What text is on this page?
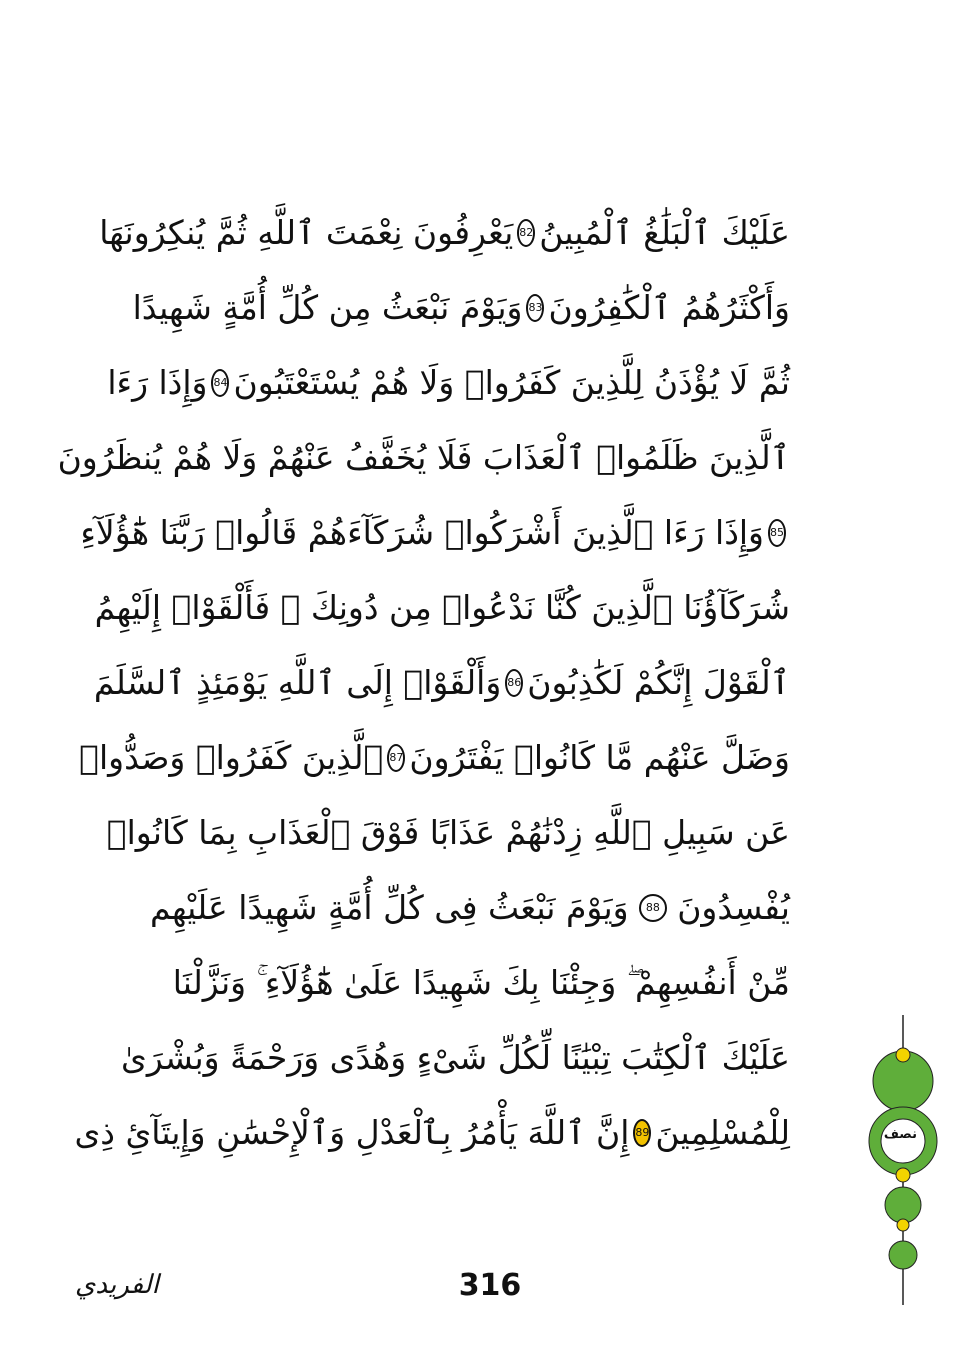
عَلَيْكَ ٱلْبَلَٰغُ ٱلْمُبِينُ
82
يَعْرِفُونَ نِعْمَتَ ٱللَّهِ ثُمَّ يُنكِرُونَهَا
وَأَكْثَرُهُمُ ٱلْكَٰفِرُونَ
83
وَيَوْمَ نَبْعَثُ مِن كُلِّ أُمَّةٍ شَهِيدًا
ثُمَّ لَا يُؤْذَنُ لِلَّذِينَ كَفَرُوا۟ وَلَا هُمْ يُسْتَعْتَبُونَ
84
وَإِذَا رَءَا
ٱلَّذِينَ ظَلَمُوا۟ ٱلْعَذَابَ فَلَا يُخَفَّفُ عَنْهُمْ وَلَا هُمْ يُنظَرُونَ
85
وَإِذَا رَءَا ٱلَّذِينَ أَشْرَكُوا۟ شُرَكَآءَهُمْ قَالُوا۟ رَبَّنَا هَٰٓؤُلَآءِ
شُرَكَآؤُنَا ٱلَّذِينَ كُنَّا نَدْعُوا۟ مِن دُونِكَ ۖ فَأَلْقَوْا۟ إِلَيْهِمُ
ٱلْقَوْلَ إِنَّكُمْ لَكَٰذِبُونَ
86
وَأَلْقَوْا۟ إِلَى ٱللَّهِ يَوْمَئِذٍ ٱلسَّلَمَ
وَضَلَّ عَنْهُم مَّا كَانُوا۟ يَفْتَرُونَ
87
ٱلَّذِينَ كَفَرُوا۟ وَصَدُّوا۟
عَن سَبِيلِ ٱللَّهِ زِدْنَٰهُمْ عَذَابًا فَوْقَ ٱلْعَذَابِ بِمَا كَانُوا۟
يُفْسِدُونَ
88
وَيَوْمَ نَبْعَثُ فِى كُلِّ أُمَّةٍ شَهِيدًا عَلَيْهِم
مِّنْ أَنفُسِهِمْ ۖ وَجِئْنَا بِكَ شَهِيدًا عَلَىٰ هَٰٓؤُلَآءِ ۚ وَنَزَّلْنَا
عَلَيْكَ ٱلْكِتَٰبَ تِبْيَٰنًا لِّكُلِّ شَىْءٍ وَهُدًى وَرَحْمَةً وَبُشْرَىٰ
لِلْمُسْلِمِينَ
89
إِنَّ ٱللَّهَ يَأْمُرُ بِٱلْعَدْلِ وَٱلْإِحْسَٰنِ وَإِيتَآئِ ذِى	نصف
316
الفريدي
